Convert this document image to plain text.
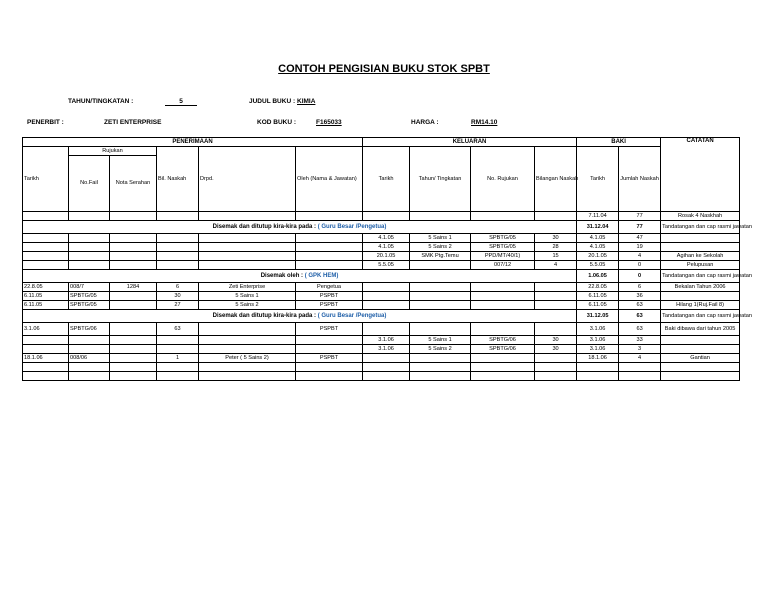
CONTOH PENGISIAN BUKU STOK SPBT
TAHUN/TINGKATAN :	5	JUDUL BUKU : KIMIA
PENERBIT :	ZETI ENTERPRISE	KOD BUKU :	F165033	HARGA :	RM14.10
PENERIMAAN						KELUARAN				BAKI		CATATAN
Tarikh	Rujukan		Bil. Naskah	Drpd.	Oleh (Nama & Jawatan)	Tarikh	Tahun/ Tingkatan	No. Rujukan	Bilangan Naskah	Tarikh	Jumlah Naskah	
	No.Fail	Nota Serahan										
										7.11.04	77	Rosak 4 Naskhah
Disemak dan ditutup kira-kira pada : ( Guru Besar /Pengetua)										31.12.04	77	Tandatangan dan cap rasmi jawatan
						4.1.05	5 Sains 1	SPBTG/05	30	4.1.05	47	
						4.1.05	5 Sains 2	SPBTG/05	28	4.1.05	19	
						20.1.05	SMK Ptg.Temu	PPD/MT/40/1)	15	20.1.05	4	Agihan ke Sekolah
						5.5.05		007/12	4	5.5.05	0	Pelupusan
Disemak oleh : ( GPK HEM)										1.06.05	0	Tandatangan dan cap rasmi jawatan
22.8.05	008/7	1284	6	Zeti Enterprise	Pengetua					22.8.05	6	Bekalan Tahun 2006
6.11.05	SPBTG/05		30	5 Sains 1	PSPBT					6.11.05	36	
6.11.05	SPBTG/05		27	5 Sains 2	PSPBT					6.11.05	63	Hilang 1(Ruj.Fail 8)
Disemak dan ditutup kira-kira pada : ( Guru Besar /Pengetua)										31.12.05	63	Tandatangan dan cap rasmi jawatan
3.1.06	SPBTG/06		63		PSPBT					3.1.06	63	Baki dibawa dari tahun 2005
						3.1.06	5 Sains 1	SPBTG/06	30	3.1.06	33	
						3.1.06	5 Sains 2	SPBTG/06	30	3.1.06	3	
18.1.06	008/06		1	Peter ( 5 Sains 2)	PSPBT					18.1.06	4	Gantian
